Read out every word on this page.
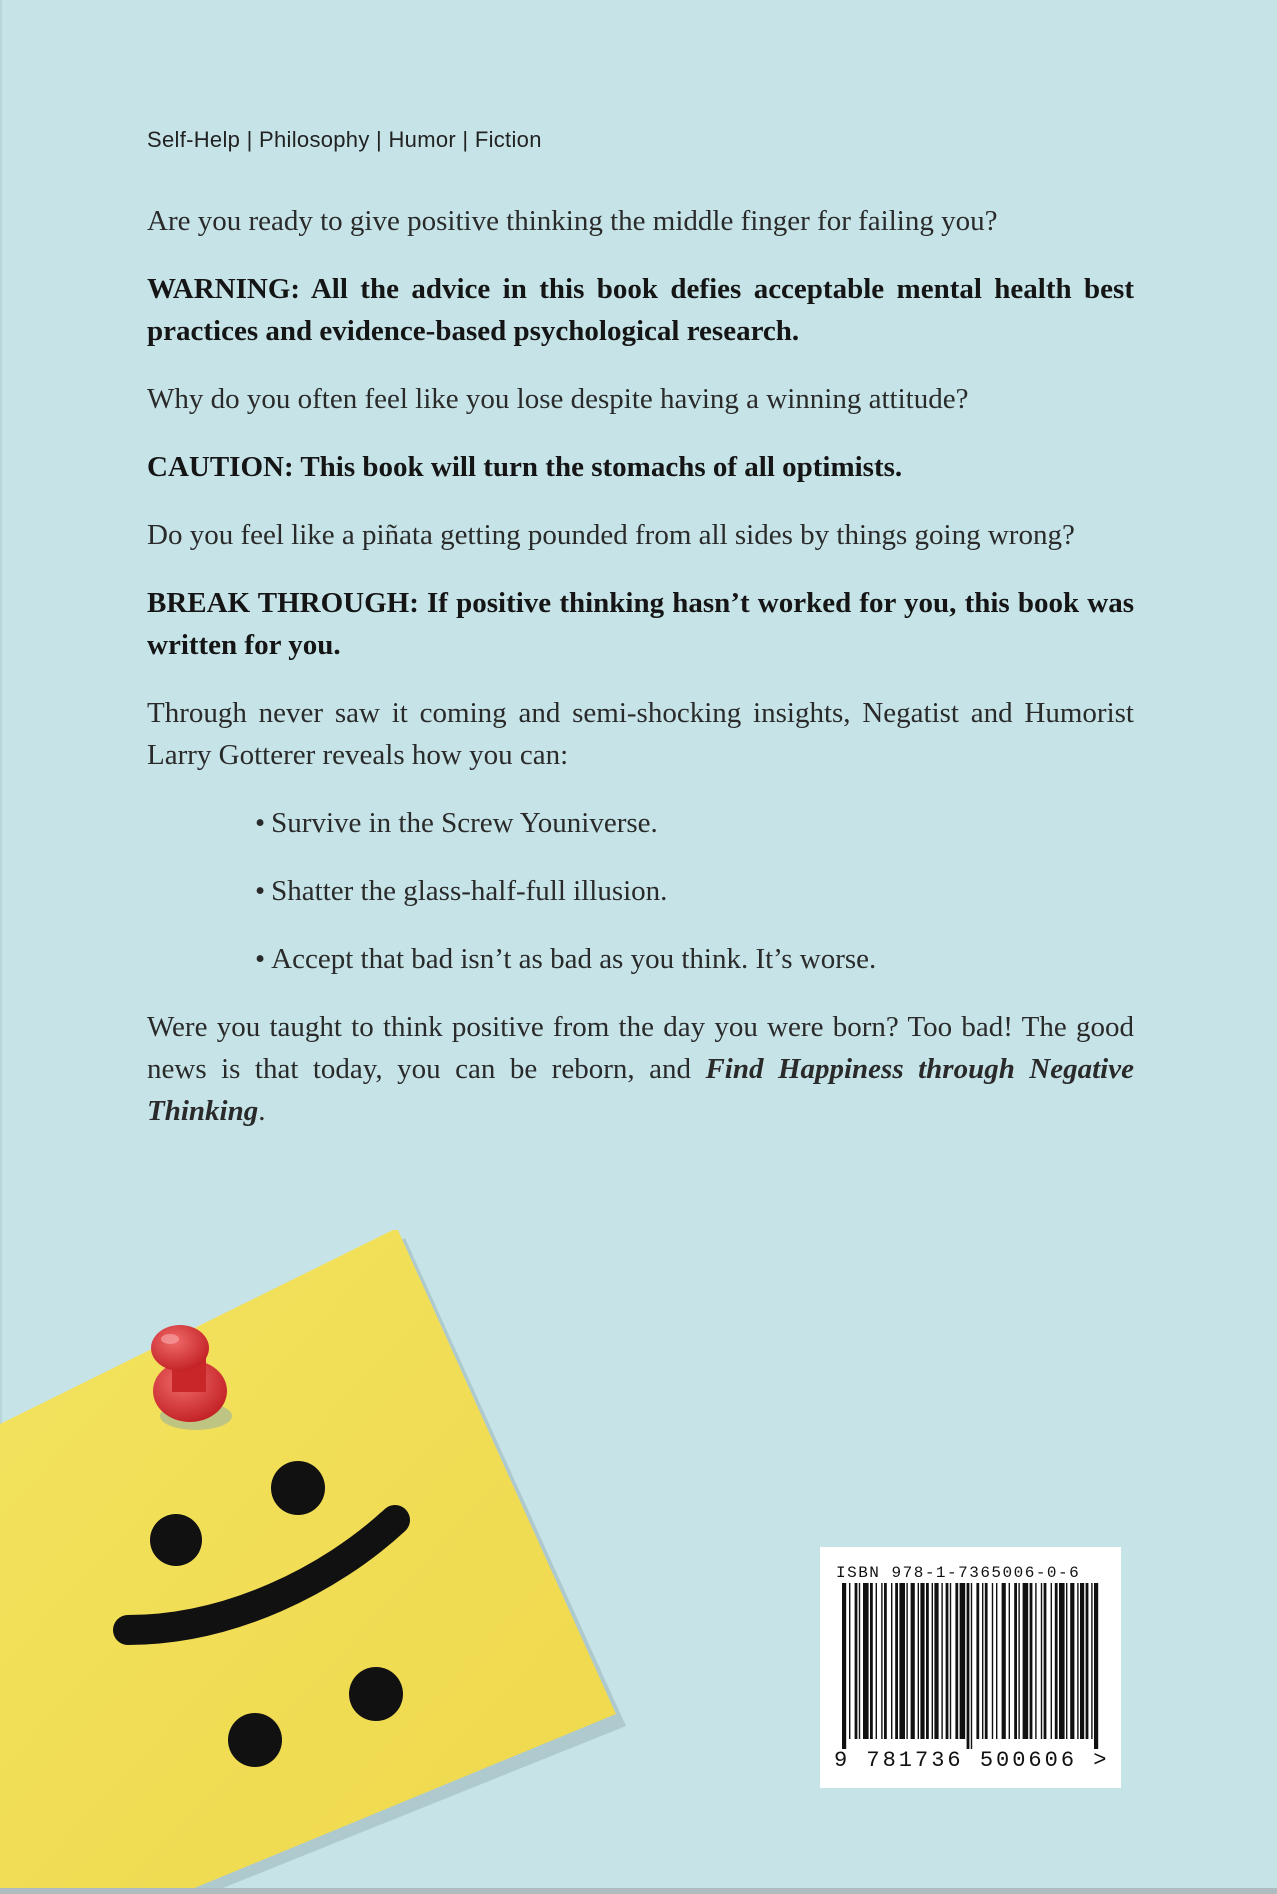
Self-Help | Philosophy | Humor | Fiction

Are you ready to give positive thinking the middle finger for failing you?

WARNING: All the advice in this book defies acceptable mental health best practices and evidence-based psychological research.

Why do you often feel like you lose despite having a winning attitude?

CAUTION: This book will turn the stomachs of all optimists.

Do you feel like a piñata getting pounded from all sides by things going wrong?

BREAK THROUGH: If positive thinking hasn’t worked for you, this book was written for you.

Through never saw it coming and semi-shocking insights, Negatist and Humorist Larry Gotterer reveals how you can:

• Survive in the Screw Youniverse.
• Shatter the glass-half-full illusion.
• Accept that bad isn’t as bad as you think. It’s worse.

Were you taught to think positive from the day you were born? Too bad! The good news is that today, you can be reborn, and Find Happiness through Negative Thinking.

ISBN 978-1-7365006-0-6
9 781736 500606 >
